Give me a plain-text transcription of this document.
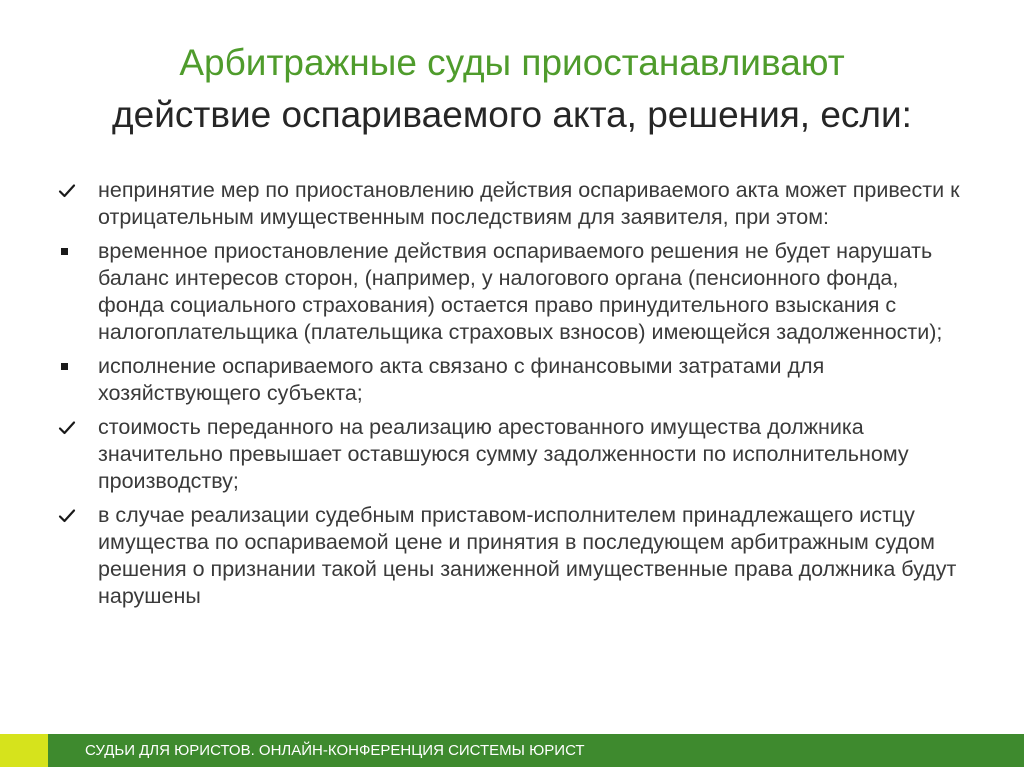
Арбитражные суды приостанавливают
действие оспариваемого акта, решения, если:
непринятие мер по приостановлению действия оспариваемого акта может привести к отрицательным имущественным последствиям для заявителя, при этом:
временное приостановление действия оспариваемого решения не будет нарушать баланс интересов сторон, (например, у налогового органа (пенсионного фонда, фонда социального страхования) остается право принудительного взыскания с налогоплательщика (плательщика страховых взносов) имеющейся задолженности);
исполнение оспариваемого акта связано с финансовыми затратами для хозяйствующего субъекта;
стоимость переданного на реализацию арестованного имущества должника значительно превышает оставшуюся сумму задолженности по исполнительному производству;
в случае реализации судебным приставом-исполнителем принадлежащего истцу имущества по оспариваемой цене и принятия в последующем арбитражным судом решения о признании такой цены заниженной имущественные права должника будут нарушены
СУДЬИ ДЛЯ ЮРИСТОВ. ОНЛАЙН-КОНФЕРЕНЦИЯ СИСТЕМЫ ЮРИСТ
